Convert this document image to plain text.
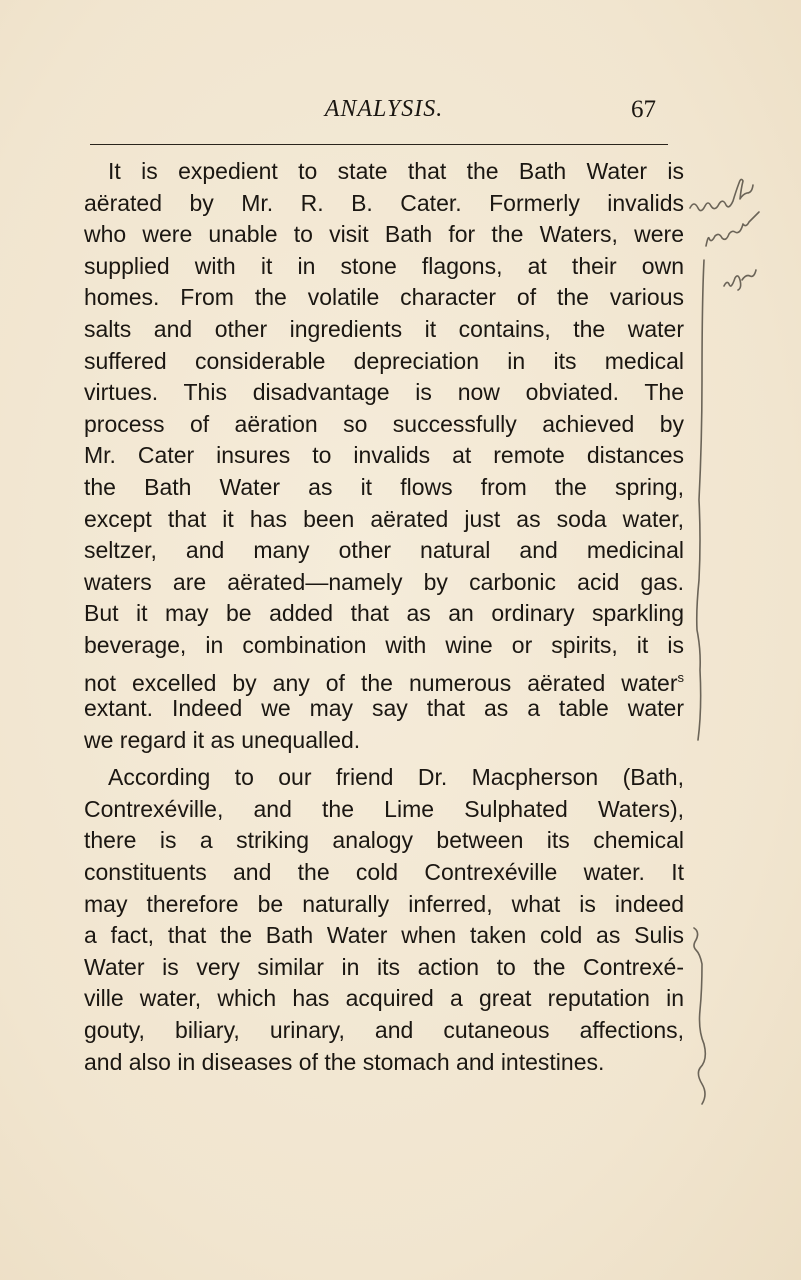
ANALYSIS.	67
It is expedient to state that the Bath Water is
aërated by Mr. R. B. Cater. Formerly invalids
who were unable to visit Bath for the Waters, were
supplied with it in stone flagons, at their own
homes. From the volatile character of the various
salts and other ingredients it contains, the water
suffered considerable depreciation in its medical
virtues. This disadvantage is now obviated. The
process of aëration so successfully achieved by
Mr. Cater insures to invalids at remote distances
the Bath Water as it flows from the spring,
except that it has been aërated just as soda water,
seltzer, and many other natural and medicinal
waters are aërated—namely by carbonic acid gas.
But it may be added that as an ordinary sparkling
beverage, in combination with wine or spirits, it is
not excelled by any of the numerous aërated water$^s$
extant. Indeed we may say that as a table water
we regard it as unequalled.
According to our friend Dr. Macpherson (Bath,
Contrexéville, and the Lime Sulphated Waters),
there is a striking analogy between its chemical
constituents and the cold Contrexéville water. It
may therefore be naturally inferred, what is indeed
a fact, that the Bath Water when taken cold as Sulis
Water is very similar in its action to the Contrexé-
ville water, which has acquired a great reputation in
gouty, biliary, urinary, and cutaneous affections,
and also in diseases of the stomach and intestines.
